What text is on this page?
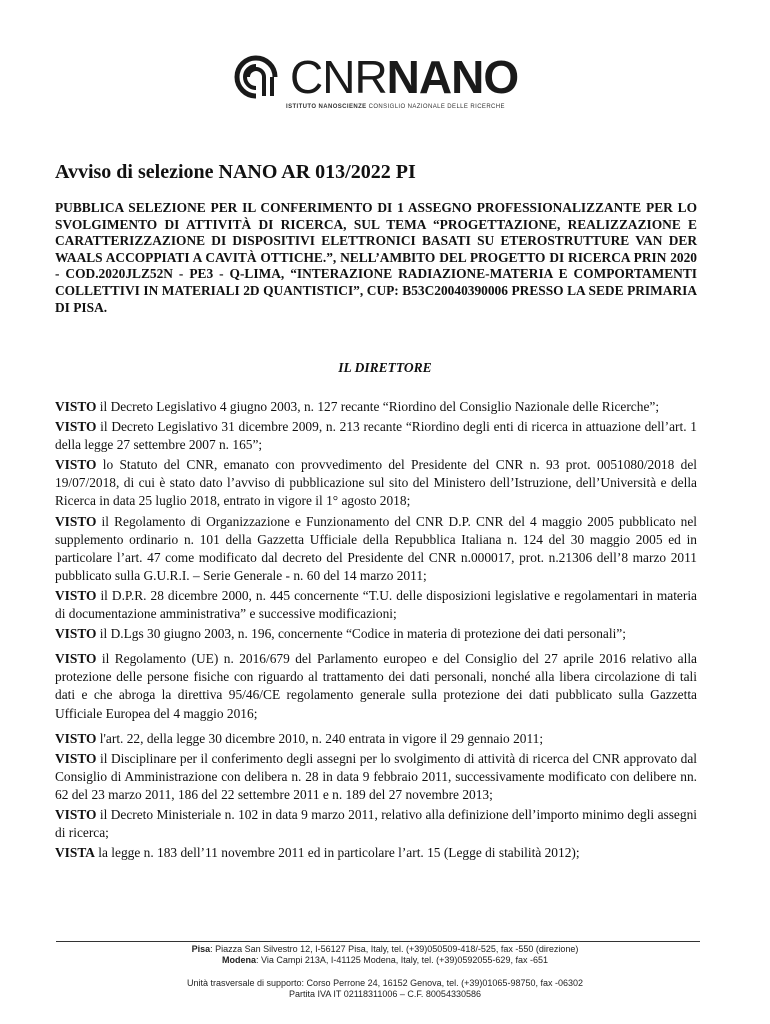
CNRNANO
ISTITUTO NANOSCIENZE CONSIGLIO NAZIONALE DELLE RICERCHE
Avviso di selezione NANO AR 013/2022 PI
PUBBLICA SELEZIONE PER IL CONFERIMENTO DI 1 ASSEGNO PROFESSIONALIZZANTE PER LO SVOLGIMENTO DI ATTIVITÀ DI RICERCA, SUL TEMA “PROGETTAZIONE, REALIZZAZIONE E CARATTERIZZAZIONE DI DISPOSITIVI ELETTRONICI BASATI SU ETEROSTRUTTURE VAN DER WAALS ACCOPPIATI A CAVITÀ OTTICHE.”, NELL’AMBITO DEL PROGETTO DI RICERCA PRIN 2020 - COD.2020JLZ52N - PE3 - Q-LIMA, “INTERAZIONE RADIAZIONE-MATERIA E COMPORTAMENTI COLLETTIVI IN MATERIALI 2D QUANTISTICI”, CUP: B53C20040390006 PRESSO LA SEDE PRIMARIA DI PISA.
IL DIRETTORE

VISTO il Decreto Legislativo 4 giugno 2003, n. 127 recante “Riordino del Consiglio Nazionale delle Ricerche”;

VISTO il Decreto Legislativo 31 dicembre 2009, n. 213 recante “Riordino degli enti di ricerca in attuazione dell’art. 1 della legge 27 settembre 2007 n. 165”;

VISTO lo Statuto del CNR, emanato con provvedimento del Presidente del CNR n. 93 prot. 0051080/2018 del 19/07/2018, di cui è stato dato l’avviso di pubblicazione sul sito del Ministero dell’Istruzione, dell’Università e della Ricerca in data 25 luglio 2018, entrato in vigore il 1° agosto 2018;

VISTO il Regolamento di Organizzazione e Funzionamento del CNR D.P. CNR del 4 maggio 2005 pubblicato nel supplemento ordinario n. 101 della Gazzetta Ufficiale della Repubblica Italiana n. 124 del 30 maggio 2005 ed in particolare l’art. 47 come modificato dal decreto del Presidente del CNR n.000017, prot. n.21306 dell’8 marzo 2011 pubblicato sulla G.U.R.I. – Serie Generale - n. 60 del 14 marzo 2011;

VISTO il D.P.R. 28 dicembre 2000, n. 445 concernente “T.U. delle disposizioni legislative e regolamentari in materia di documentazione amministrativa” e successive modificazioni;

VISTO il D.Lgs 30 giugno 2003, n. 196, concernente “Codice in materia di protezione dei dati personali”;

VISTO il Regolamento (UE) n. 2016/679 del Parlamento europeo e del Consiglio del 27 aprile 2016 relativo alla protezione delle persone fisiche con riguardo al trattamento dei dati personali, nonché alla libera circolazione di tali dati e che abroga la direttiva 95/46/CE regolamento generale sulla protezione dei dati pubblicato sulla Gazzetta Ufficiale Europea del 4 maggio 2016;

VISTO l'art. 22, della legge 30 dicembre 2010, n. 240 entrata in vigore il 29 gennaio 2011;

VISTO il Disciplinare per il conferimento degli assegni per lo svolgimento di attività di ricerca del CNR approvato dal Consiglio di Amministrazione con delibera n. 28 in data 9 febbraio 2011, successivamente modificato con delibere nn. 62 del 23 marzo 2011, 186 del 22 settembre 2011 e n. 189 del 27 novembre 2013;

VISTO il Decreto Ministeriale n. 102 in data 9 marzo 2011, relativo alla definizione dell’importo minimo degli assegni di ricerca;

VISTA la legge n. 183 dell’11 novembre 2011 ed in particolare l’art. 15 (Legge di stabilità 2012);

Pisa: Piazza San Silvestro 12, I-56127 Pisa, Italy, tel. (+39)050509-418/-525, fax -550 (direzione)
Modena: Via Campi 213A, I-41125 Modena, Italy, tel. (+39)0592055-629, fax -651
Unità trasversale di supporto: Corso Perrone 24, 16152 Genova, tel. (+39)01065-98750, fax -06302
Partita IVA IT 02118311006 – C.F. 80054330586
